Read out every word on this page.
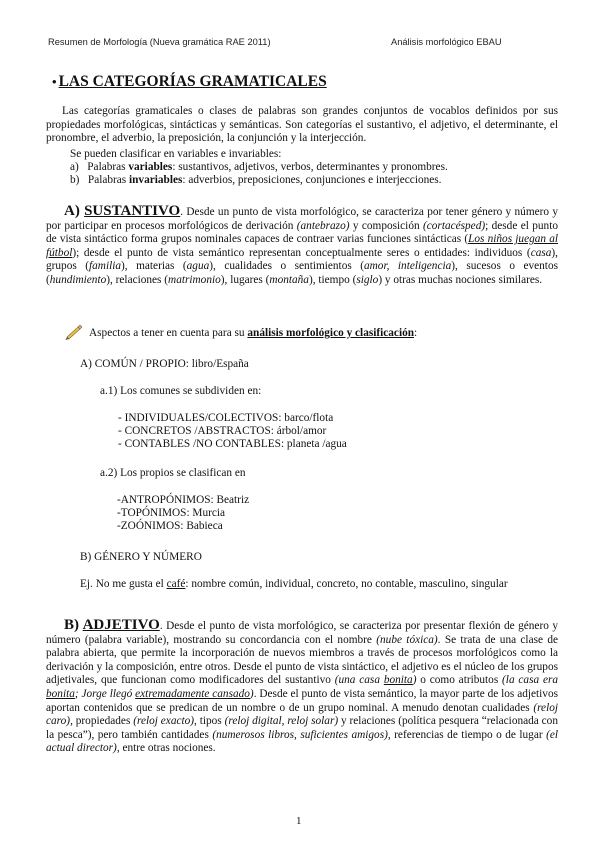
Resumen de Morfología (Nueva gramática RAE 2011)	Análisis morfológico EBAU
• LAS CATEGORÍAS GRAMATICALES
Las categorías gramaticales o clases de palabras son grandes conjuntos de vocablos definidos por sus propiedades morfológicas, sintácticas y semánticas. Son categorías el sustantivo, el adjetivo, el determinante, el pronombre, el adverbio, la preposición, la conjunción y la interjección.
Se pueden clasificar en variables e invariables:
a) Palabras variables: sustantivos, adjetivos, verbos, determinantes y pronombres.
b) Palabras invariables: adverbios, preposiciones, conjunciones e interjecciones.
A) SUSTANTIVO. Desde un punto de vista morfológico, se caracteriza por tener género y número y por participar en procesos morfológicos de derivación (antebrazo) y composición (cortacésped); desde el punto de vista sintáctico forma grupos nominales capaces de contraer varias funciones sintácticas (Los niños juegan al fútbol); desde el punto de vista semántico representan conceptualmente seres o entidades: individuos (casa), grupos (familia), materias (agua), cualidades o sentimientos (amor, inteligencia), sucesos o eventos (hundimiento), relaciones (matrimonio), lugares (montaña), tiempo (siglo) y otras muchas nociones similares.
Aspectos a tener en cuenta para su análisis morfológico y clasificación:
A) COMÚN / PROPIO: libro/España
a.1) Los comunes se subdividen en:
- INDIVIDUALES/COLECTIVOS: barco/flota
- CONCRETOS /ABSTRACTOS: árbol/amor
- CONTABLES /NO CONTABLES: planeta /agua
a.2) Los propios se clasifican en
-ANTROPÓNIMOS: Beatriz
-TOPÓNIMOS: Murcia
-ZOÓNIMOS: Babieca
B) GÉNERO Y NÚMERO
Ej. No me gusta el café: nombre común, individual, concreto, no contable, masculino, singular
B) ADJETIVO. Desde el punto de vista morfológico, se caracteriza por presentar flexión de género y número (palabra variable), mostrando su concordancia con el nombre (nube tóxica). Se trata de una clase de palabra abierta, que permite la incorporación de nuevos miembros a través de procesos morfológicos como la derivación y la composición, entre otros. Desde el punto de vista sintáctico, el adjetivo es el núcleo de los grupos adjetivales, que funcionan como modificadores del sustantivo (una casa bonita) o como atributos (la casa era bonita; Jorge llegó extremadamente cansado). Desde el punto de vista semántico, la mayor parte de los adjetivos aportan contenidos que se predican de un nombre o de un grupo nominal. A menudo denotan cualidades (reloj caro), propiedades (reloj exacto), tipos (reloj digital, reloj solar) y relaciones (política pesquera “relacionada con la pesca”), pero también cantidades (numerosos libros, suficientes amigos), referencias de tiempo o de lugar (el actual director), entre otras nociones.
1
